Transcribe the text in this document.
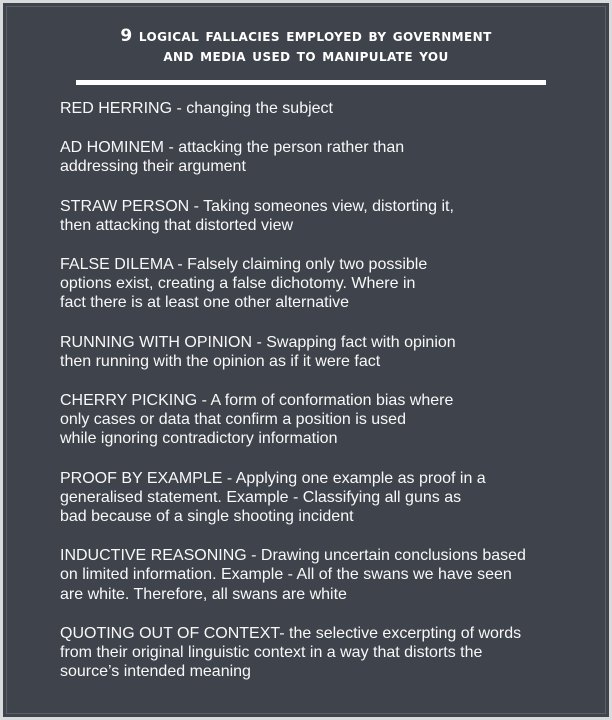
9 logical fallacies employed by government
and media used to manipulate you

RED HERRING - changing the subject

AD HOMINEM - attacking the person rather than
addressing their argument

STRAW PERSON - Taking someones view, distorting it,
then attacking that distorted view

FALSE DILEMA - Falsely claiming only two possible
options exist, creating a false dichotomy. Where in
fact there is at least one other alternative

RUNNING WITH OPINION - Swapping fact with opinion
then running with the opinion as if it were fact

CHERRY PICKING - A form of conformation bias where
only cases or data that confirm a position is used
while ignoring contradictory information

PROOF BY EXAMPLE - Applying one example as proof in a
generalised statement. Example - Classifying all guns as
bad because of a single shooting incident

INDUCTIVE REASONING - Drawing uncertain conclusions based
on limited information. Example - All of the swans we have seen
are white. Therefore, all swans are white

QUOTING OUT OF CONTEXT- the selective excerpting of words
from their original linguistic context in a way that distorts the
source’s intended meaning
